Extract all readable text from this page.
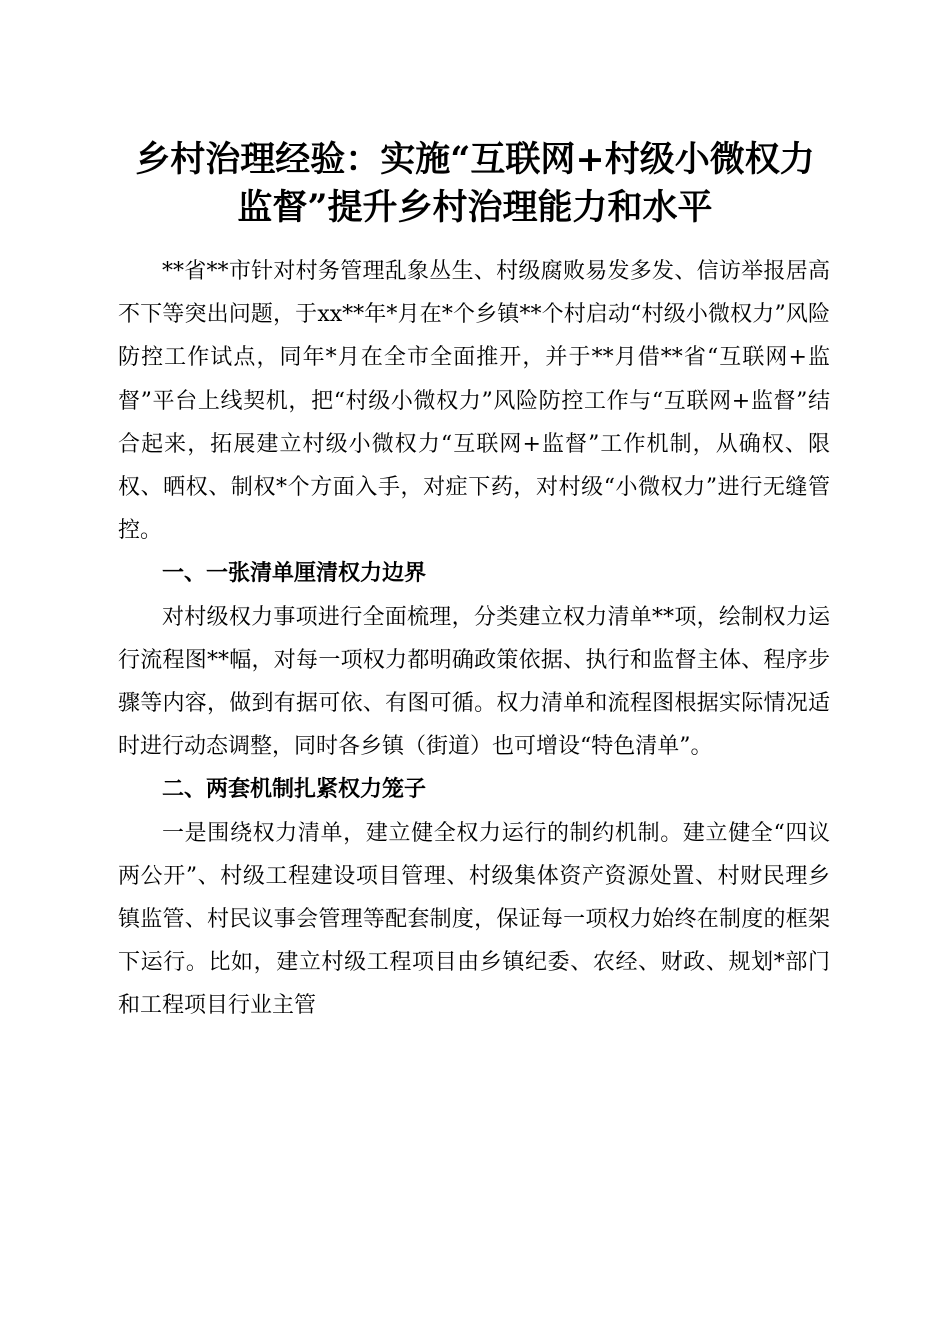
乡村治理经验：实施“互联网+村级小微权力
监督”提升乡村治理能力和水平

**省**市针对村务管理乱象丛生、村级腐败易发多发、信访举报居高不下等突出问题，于xx**年*月在*个乡镇**个村启动“村级小微权力”风险防控工作试点，同年*月在全市全面推开，并于**月借**省“互联网+监督”平台上线契机，把“村级小微权力”风险防控工作与“互联网+监督”结合起来，拓展建立村级小微权力“互联网+监督”工作机制，从确权、限权、晒权、制权*个方面入手，对症下药，对村级“小微权力”进行无缝管控。

一、一张清单厘清权力边界

对村级权力事项进行全面梳理，分类建立权力清单**项，绘制权力运行流程图**幅，对每一项权力都明确政策依据、执行和监督主体、程序步骤等内容，做到有据可依、有图可循。权力清单和流程图根据实际情况适时进行动态调整，同时各乡镇（街道）也可增设“特色清单”。

二、两套机制扎紧权力笼子

一是围绕权力清单，建立健全权力运行的制约机制。建立健全“四议两公开”、村级工程建设项目管理、村级集体资产资源处置、村财民理乡镇监管、村民议事会管理等配套制度，保证每一项权力始终在制度的框架下运行。比如，建立村级工程项目由乡镇纪委、农经、财政、规划*部门和工程项目行业主管
